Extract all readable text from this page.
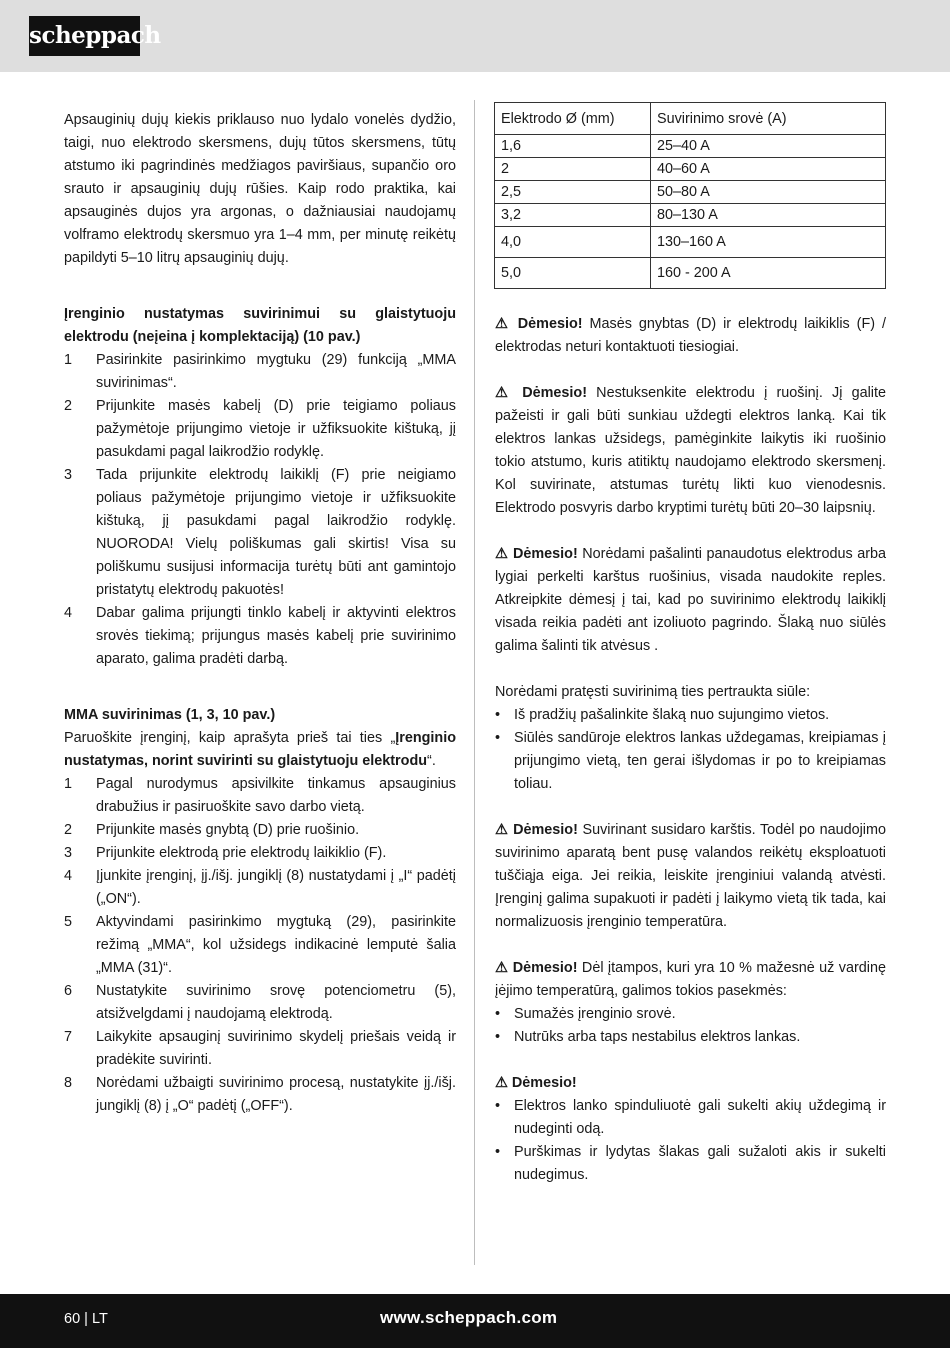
scheppach

Apsauginių dujų kiekis priklauso nuo lydalo vonelės dydžio, taigi, nuo elektrodo skersmens, dujų tūtos skersmens, tūtų atstumo iki pagrindinės medžiagos paviršiaus, supančio oro srauto ir apsauginių dujų rūšies. Kaip rodo praktika, kai apsauginės dujos yra argonas, o dažniausiai naudojamų volframo elektrodų skersmuo yra 1–4 mm, per minutę reikėtų papildyti 5–10 litrų apsauginių dujų.

Įrenginio nustatymas suvirinimui su glaistytuoju elektrodu (neįeina į komplektaciją) (10 pav.)

1 Pasirinkite pasirinkimo mygtuku (29) funkciją „MMA suvirinimas“.
2 Prijunkite masės kabelį (D) prie teigiamo poliaus pažymėtoje prijungimo vietoje ir užfiksuokite kištuką, jį pasukdami pagal laikrodžio rodyklę.
3 Tada prijunkite elektrodų laikiklį (F) prie neigiamo poliaus pažymėtoje prijungimo vietoje ir užfiksuokite kištuką, jį pasukdami pagal laikrodžio rodyklę. NUORODA! Vielų poliškumas gali skirtis! Visa su poliškumu susijusi informacija turėtų būti ant gamintojo pristatytų elektrodų pakuotės!
4 Dabar galima prijungti tinklo kabelį ir aktyvinti elektros srovės tiekimą; prijungus masės kabelį prie suvirinimo aparato, galima pradėti darbą.

MMA suvirinimas (1, 3, 10 pav.)

Paruoškite įrenginį, kaip aprašyta prieš tai ties „Įrenginio nustatymas, norint suvirinti su glaistytuoju elektrodu“.

1 Pagal nurodymus apsivilkite tinkamus apsauginius drabužius ir pasiruoškite savo darbo vietą.
2 Prijunkite masės gnybtą (D) prie ruošinio.
3 Prijunkite elektrodą prie elektrodų laikiklio (F).
4 Įjunkite įrenginį, įj./išj. jungiklį (8) nustatydami į „I“ padėtį („ON“).
5 Aktyvindami pasirinkimo mygtuką (29), pasirinkite režimą „MMA“, kol užsidegs indikacinė lemputė šalia „MMA (31)“.
6 Nustatykite suvirinimo srovę potenciometru (5), atsižvelgdami į naudojamą elektrodą.
7 Laikykite apsauginį suvirinimo skydelį priešais veidą ir pradėkite suvirinti.
8 Norėdami užbaigti suvirinimo procesą, nustatykite įj./išj. jungiklį (8) į „O“ padėtį („OFF“).
Elektrodo Ø (mm)	Suvirinimo srovė (A)
1,6	25–40 A
2	40–60 A
2,5	50–80 A
3,2	80–130 A
4,0	130–160 A
5,0	160 - 200 A

⚠ Dėmesio! Masės gnybtas (D) ir elektrodų laikiklis (F) / elektrodas neturi kontaktuoti tiesiogiai.

⚠ Dėmesio! Nestuksenkite elektrodu į ruošinį. Jį galite pažeisti ir gali būti sunkiau uždegti elektros lanką. Kai tik elektros lankas užsidegs, pamėginkite laikytis iki ruošinio tokio atstumo, kuris atitiktų naudojamo elektrodo skersmenį. Kol suvirinate, atstumas turėtų likti kuo vienodesnis. Elektrodo posvyris darbo kryptimi turėtų būti 20–30 laipsnių.

⚠ Dėmesio! Norėdami pašalinti panaudotus elektrodus arba lygiai perkelti karštus ruošinius, visada naudokite reples. Atkreipkite dėmesį į tai, kad po suvirinimo elektrodų laikiklį visada reikia padėti ant izoliuoto pagrindo. Šlaką nuo siūlės galima šalinti tik atvėsus .

Norėdami pratęsti suvirinimą ties pertraukta siūle:

• Iš pradžių pašalinkite šlaką nuo sujungimo vietos.
• Siūlės sandūroje elektros lankas uždegamas, kreipiamas į prijungimo vietą, ten gerai išlydomas ir po to kreipiamas toliau.

⚠ Dėmesio! Suvirinant susidaro karštis. Todėl po naudojimo suvirinimo aparatą bent pusę valandos reikėtų eksploatuoti tuščiąja eiga. Jei reikia, leiskite įrenginiui valandą atvėsti. Įrenginį galima supakuoti ir padėti į laikymo vietą tik tada, kai normalizuosis įrenginio temperatūra.

⚠ Dėmesio! Dėl įtampos, kuri yra 10 % mažesnė už vardinę įėjimo temperatūrą, galimos tokios pasekmės:

• Sumažės įrenginio srovė.
• Nutrūks arba taps nestabilus elektros lankas.

⚠ Dėmesio!

• Elektros lanko spinduliuotė gali sukelti akių uždegimą ir nudeginti odą.
• Purškimas ir lydytas šlakas gali sužaloti akis ir sukelti nudegimus.
60 | LT	www.scheppach.com
